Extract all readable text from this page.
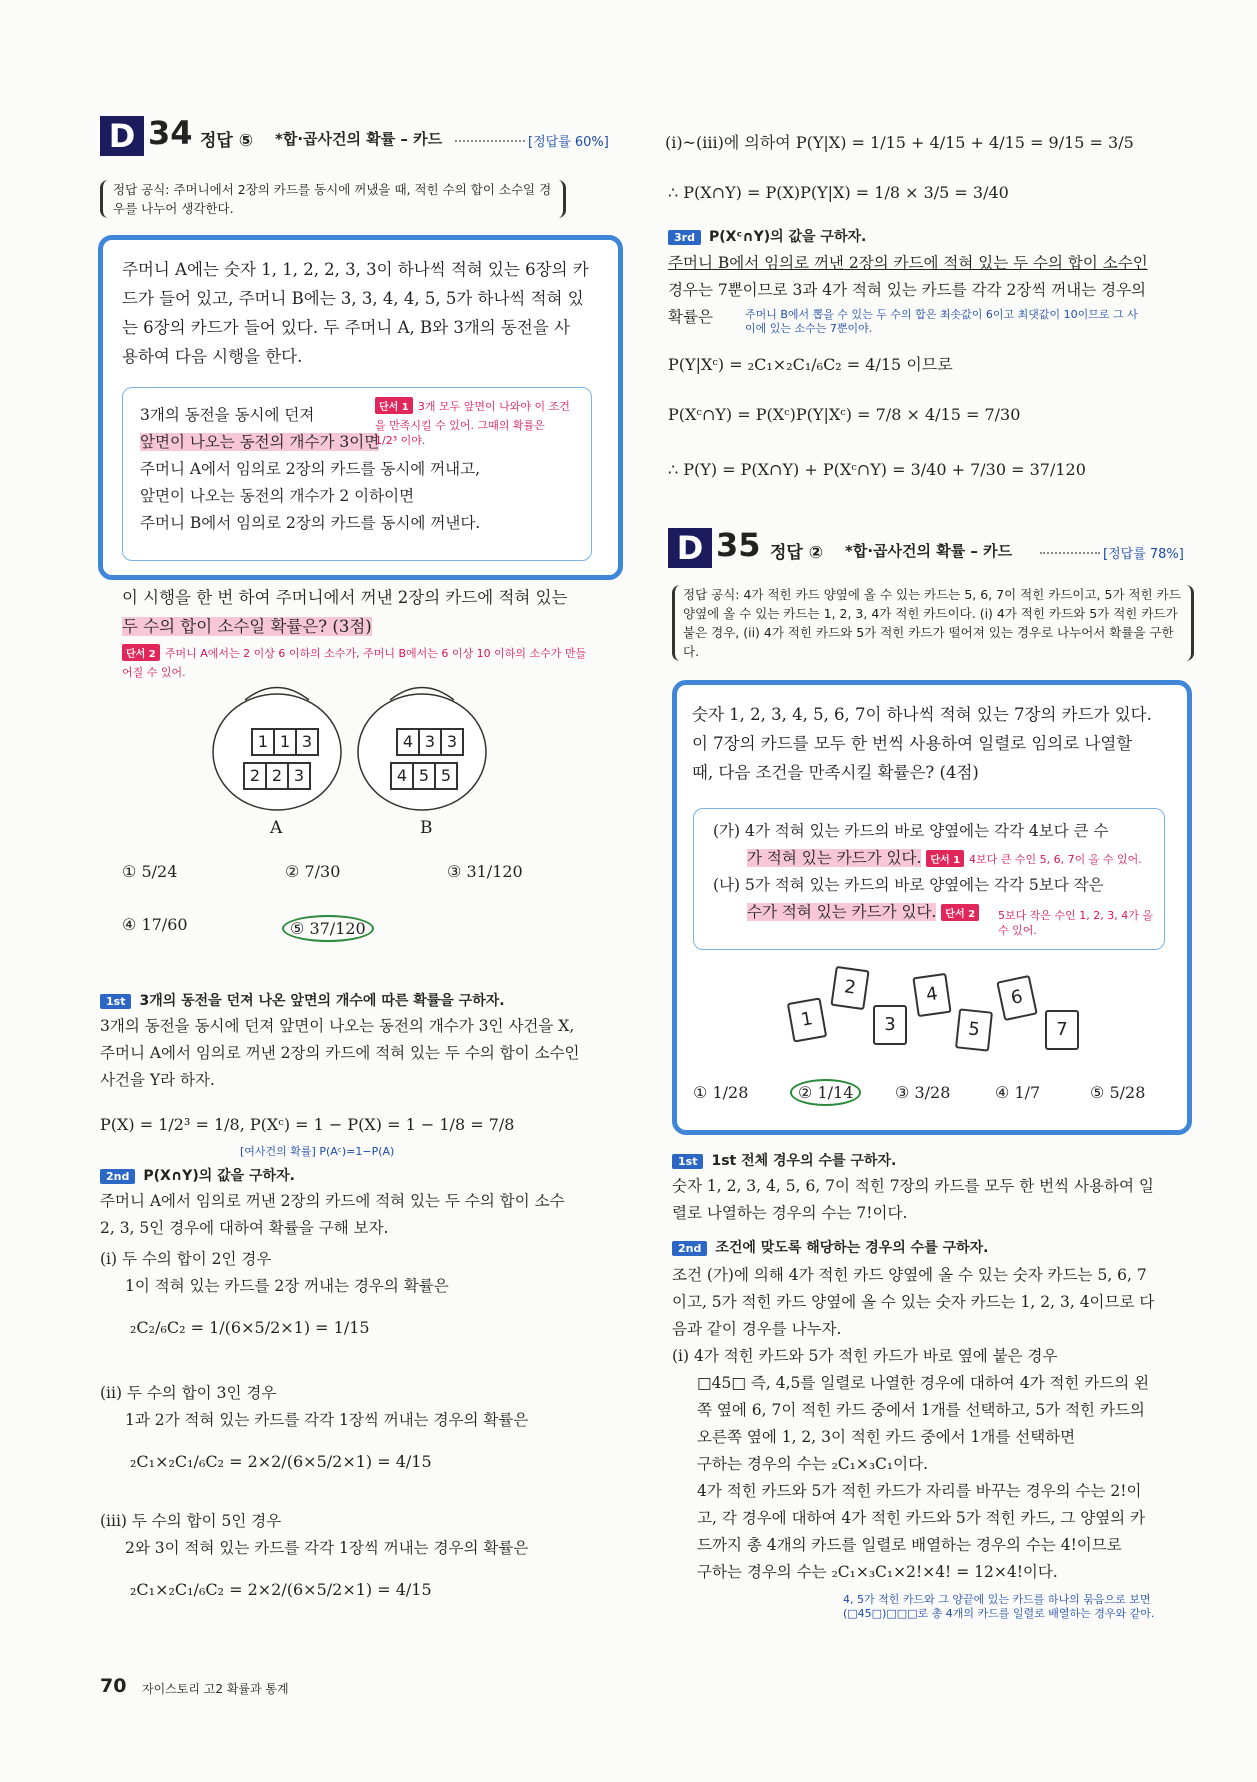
D 34 정답 ⑤ *합·곱사건의 확률 – 카드	[정답률 60%]
정답 공식: 주머니에서 2장의 카드를 동시에 꺼냈을 때, 적힌 수의 합이 소수일 경우를 나누어 생각한다.
주머니 A에는 숫자 1, 1, 2, 2, 3, 3이 하나씩 적혀 있는 6장의 카
드가 들어 있고, 주머니 B에는 3, 3, 4, 4, 5, 5가 하나씩 적혀 있
는 6장의 카드가 들어 있다. 두 주머니 A, B와 3개의 동전을 사
용하여 다음 시행을 한다.
3개의 동전을 동시에 던져
앞면이 나오는 동전의 개수가 3이면
주머니 A에서 임의로 2장의 카드를 동시에 꺼내고,
앞면이 나오는 동전의 개수가 2 이하이면
주머니 B에서 임의로 2장의 카드를 동시에 꺼낸다.
단서 1 3개 모두 앞면이 나와야 이 조건을 만족시킬 수 있어. 그때의 확률은
1/2³ 이야.
이 시행을 한 번 하여 주머니에서 꺼낸 2장의 카드에 적혀 있는
두 수의 합이 소수일 확률은? (3점)
단서 2 주머니 A에서는 2 이상 6 이하의 소수가, 주머니 B에서는 6 이상 10 이하의 소수가 만들어질 수 있어.
1 1 3
2 2 3
4 3 3
4 5 5
A	B
① 5/24	② 7/30	③ 31/120
④ 17/60	⑤ 37/120
1st 3개의 동전을 던져 나온 앞면의 개수에 따른 확률을 구하자.
3개의 동전을 동시에 던져 앞면이 나오는 동전의 개수가 3인 사건을 X,
주머니 A에서 임의로 꺼낸 2장의 카드에 적혀 있는 두 수의 합이 소수인
사건을 Y라 하자.
P(X) = 1/2³ = 1/8, P(Xᶜ) = 1 − P(X) = 1 − 1/8 = 7/8
[여사건의 확률] P(Aᶜ)=1−P(A)
2nd P(X∩Y)의 값을 구하자.
주머니 A에서 임의로 꺼낸 2장의 카드에 적혀 있는 두 수의 합이 소수
2, 3, 5인 경우에 대하여 확률을 구해 보자.
(i) 두 수의 합이 2인 경우
1이 적혀 있는 카드를 2장 꺼내는 경우의 확률은
₂C₂/₆C₂ = 1/(6×5/2×1) = 1/15
(ii) 두 수의 합이 3인 경우
1과 2가 적혀 있는 카드를 각각 1장씩 꺼내는 경우의 확률은
₂C₁×₂C₁/₆C₂ = 2×2/(6×5/2×1) = 4/15
(iii) 두 수의 합이 5인 경우
2와 3이 적혀 있는 카드를 각각 1장씩 꺼내는 경우의 확률은
₂C₁×₂C₁/₆C₂ = 2×2/(6×5/2×1) = 4/15
(i)~(iii)에 의하여 P(Y|X) = 1/15 + 4/15 + 4/15 = 9/15 = 3/5
∴ P(X∩Y) = P(X)P(Y|X) = 1/8 × 3/5 = 3/40
3rd P(Xᶜ∩Y)의 값을 구하자.
주머니 B에서 임의로 꺼낸 2장의 카드에 적혀 있는 두 수의 합이 소수인
경우는 7뿐이므로 3과 4가 적혀 있는 카드를 각각 2장씩 꺼내는 경우의
확률은	주머니 B에서 뽑을 수 있는 두 수의 합은 최솟값이 6이고 최댓값이 10이므로 그 사이에 있는 소수는 7뿐이야.
P(Y|Xᶜ) = ₂C₁×₂C₁/₆C₂ = 4/15 이므로
P(Xᶜ∩Y) = P(Xᶜ)P(Y|Xᶜ) = 7/8 × 4/15 = 7/30
∴ P(Y) = P(X∩Y) + P(Xᶜ∩Y) = 3/40 + 7/30 = 37/120
D 35 정답 ② *합·곱사건의 확률 – 카드	[정답률 78%]
정답 공식: 4가 적힌 카드 양옆에 올 수 있는 카드는 5, 6, 7이 적힌 카드이고, 5가 적힌 카드 양옆에 올 수 있는 카드는 1, 2, 3, 4가 적힌 카드이다. (i) 4가 적힌 카드와 5가 적힌 카드가 붙은 경우, (ii) 4가 적힌 카드와 5가 적힌 카드가 떨어져 있는 경우로 나누어서 확률을 구한다.
숫자 1, 2, 3, 4, 5, 6, 7이 하나씩 적혀 있는 7장의 카드가 있다.
이 7장의 카드를 모두 한 번씩 사용하여 일렬로 임의로 나열할
때, 다음 조건을 만족시킬 확률은? (4점)
(가) 4가 적혀 있는 카드의 바로 양옆에는 각각 4보다 큰 수
가 적혀 있는 카드가 있다. 단서 1 4보다 큰 수인 5, 6, 7이 올 수 있어.
(나) 5가 적혀 있는 카드의 바로 양옆에는 각각 5보다 작은
수가 적혀 있는 카드가 있다. 단서 2	5보다 작은 수인 1, 2, 3, 4가 올 수 있어.
1
2
3
4
5
6
7
① 1/28	② 1/14	③ 3/28	④ 1/7	⑤ 5/28
1st 1st 전체 경우의 수를 구하자.
숫자 1, 2, 3, 4, 5, 6, 7이 적힌 7장의 카드를 모두 한 번씩 사용하여 일
렬로 나열하는 경우의 수는 7!이다.
2nd 조건에 맞도록 해당하는 경우의 수를 구하자.
조건 (가)에 의해 4가 적힌 카드 양옆에 올 수 있는 숫자 카드는 5, 6, 7
이고, 5가 적힌 카드 양옆에 올 수 있는 숫자 카드는 1, 2, 3, 4이므로 다
음과 같이 경우를 나누자.
(i) 4가 적힌 카드와 5가 적힌 카드가 바로 옆에 붙은 경우
□45□ 즉, 4,5를 일렬로 나열한 경우에 대하여 4가 적힌 카드의 왼
쪽 옆에 6, 7이 적힌 카드 중에서 1개를 선택하고, 5가 적힌 카드의
오른쪽 옆에 1, 2, 3이 적힌 카드 중에서 1개를 선택하면
구하는 경우의 수는 ₂C₁×₃C₁이다.
4가 적힌 카드와 5가 적힌 카드가 자리를 바꾸는 경우의 수는 2!이
고, 각 경우에 대하여 4가 적힌 카드와 5가 적힌 카드, 그 양옆의 카
드까지 총 4개의 카드를 일렬로 배열하는 경우의 수는 4!이므로
구하는 경우의 수는 ₂C₁×₃C₁×2!×4! = 12×4!이다.
4, 5가 적힌 카드와 그 양끝에 있는 카드를 하나의 묶음으로 보면 (□45□)□□□로 총 4개의 카드를 일렬로 배열하는 경우와 같아.
70 자이스토리 고2 확률과 통계
